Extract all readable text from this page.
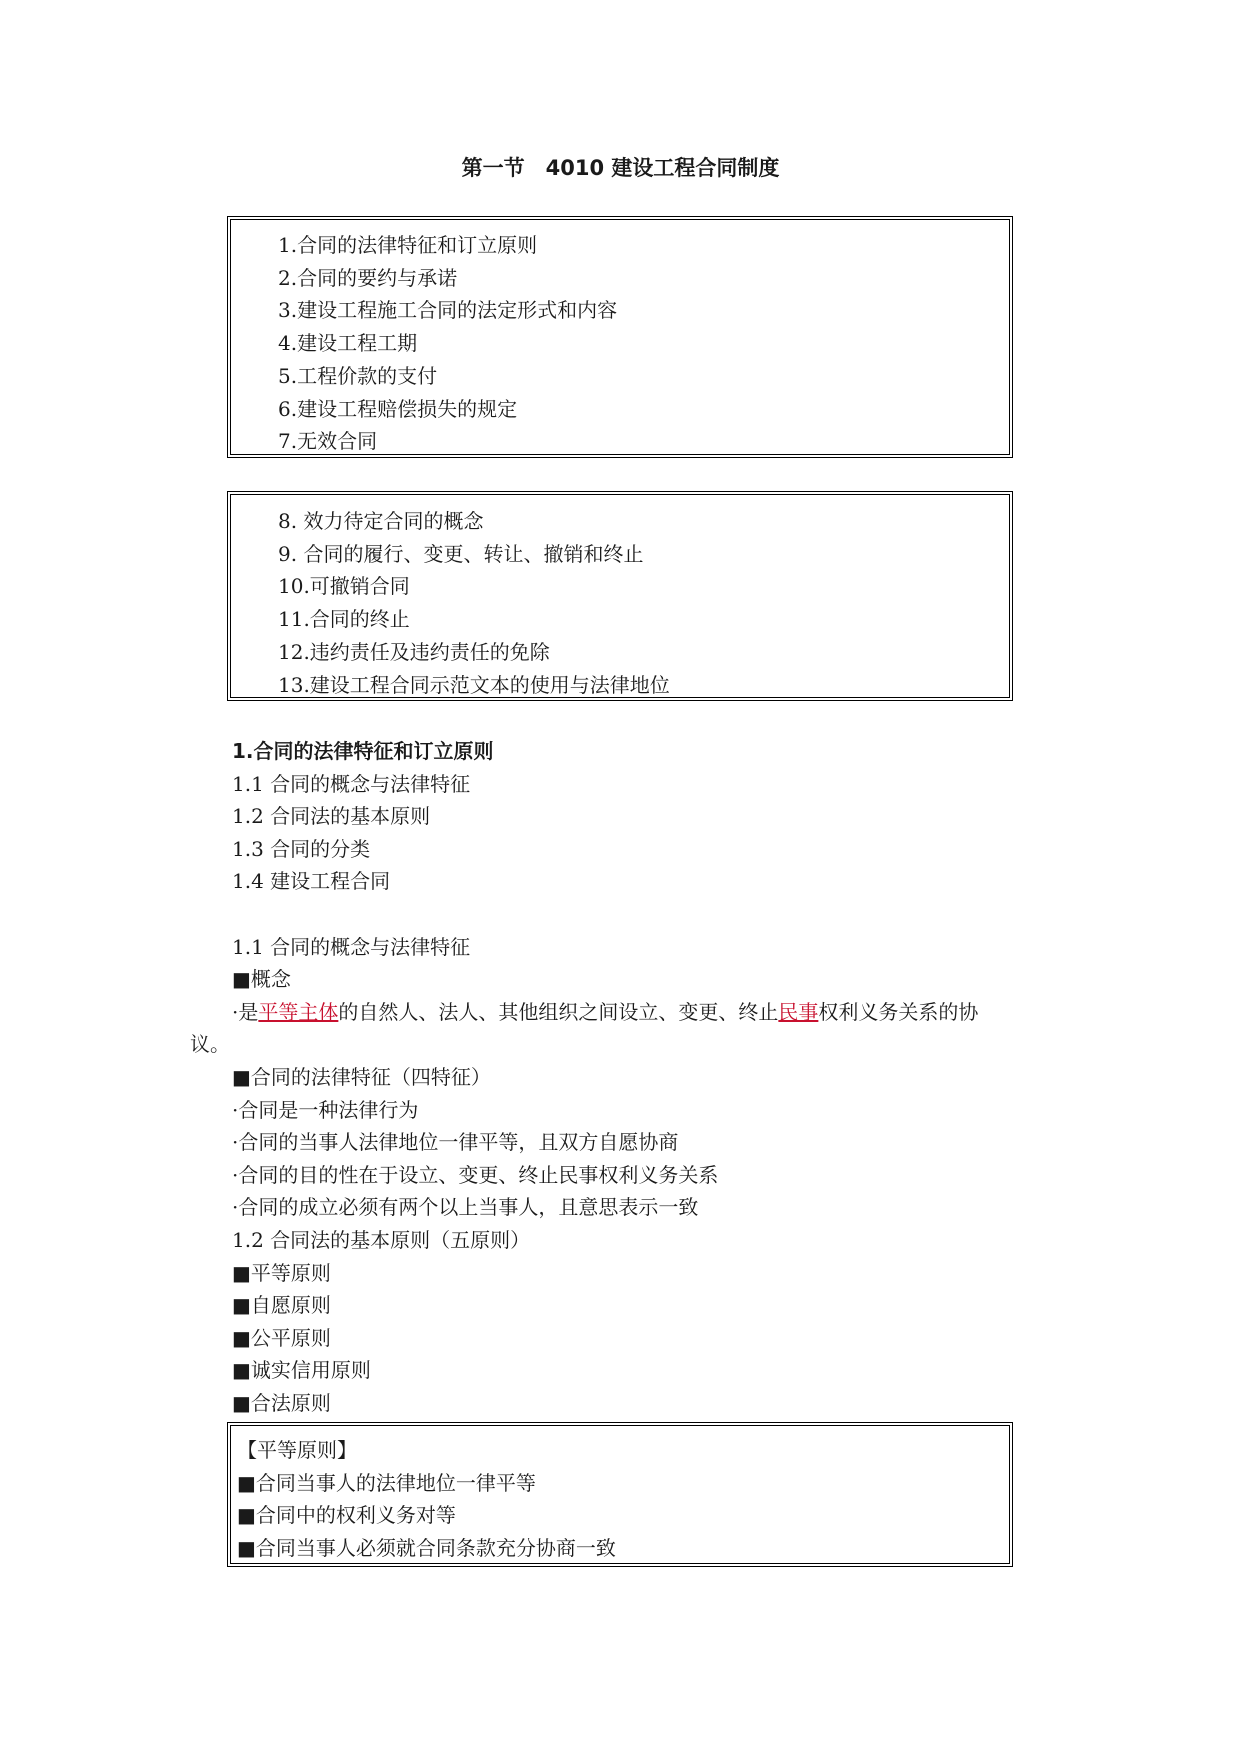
第一节　4010 建设工程合同制度
1.合同的法律特征和订立原则
2.合同的要约与承诺
3.建设工程施工合同的法定形式和内容
4.建设工程工期
5.工程价款的支付
6.建设工程赔偿损失的规定
7.无效合同
8. 效力待定合同的概念
9. 合同的履行、变更、转让、撤销和终止
10.可撤销合同
11.合同的终止
12.违约责任及违约责任的免除
13.建设工程合同示范文本的使用与法律地位
1.合同的法律特征和订立原则
1.1 合同的概念与法律特征
1.2 合同法的基本原则
1.3 合同的分类
1.4 建设工程合同
1.1 合同的概念与法律特征
■概念
·是平等主体的自然人、法人、其他组织之间设立、变更、终止民事权利义务关系的协
议。
■合同的法律特征（四特征）
·合同是一种法律行为
·合同的当事人法律地位一律平等，且双方自愿协商
·合同的目的性在于设立、变更、终止民事权利义务关系
·合同的成立必须有两个以上当事人，且意思表示一致
1.2 合同法的基本原则（五原则）
■平等原则
■自愿原则
■公平原则
■诚实信用原则
■合法原则
【平等原则】
■合同当事人的法律地位一律平等
■合同中的权利义务对等
■合同当事人必须就合同条款充分协商一致
